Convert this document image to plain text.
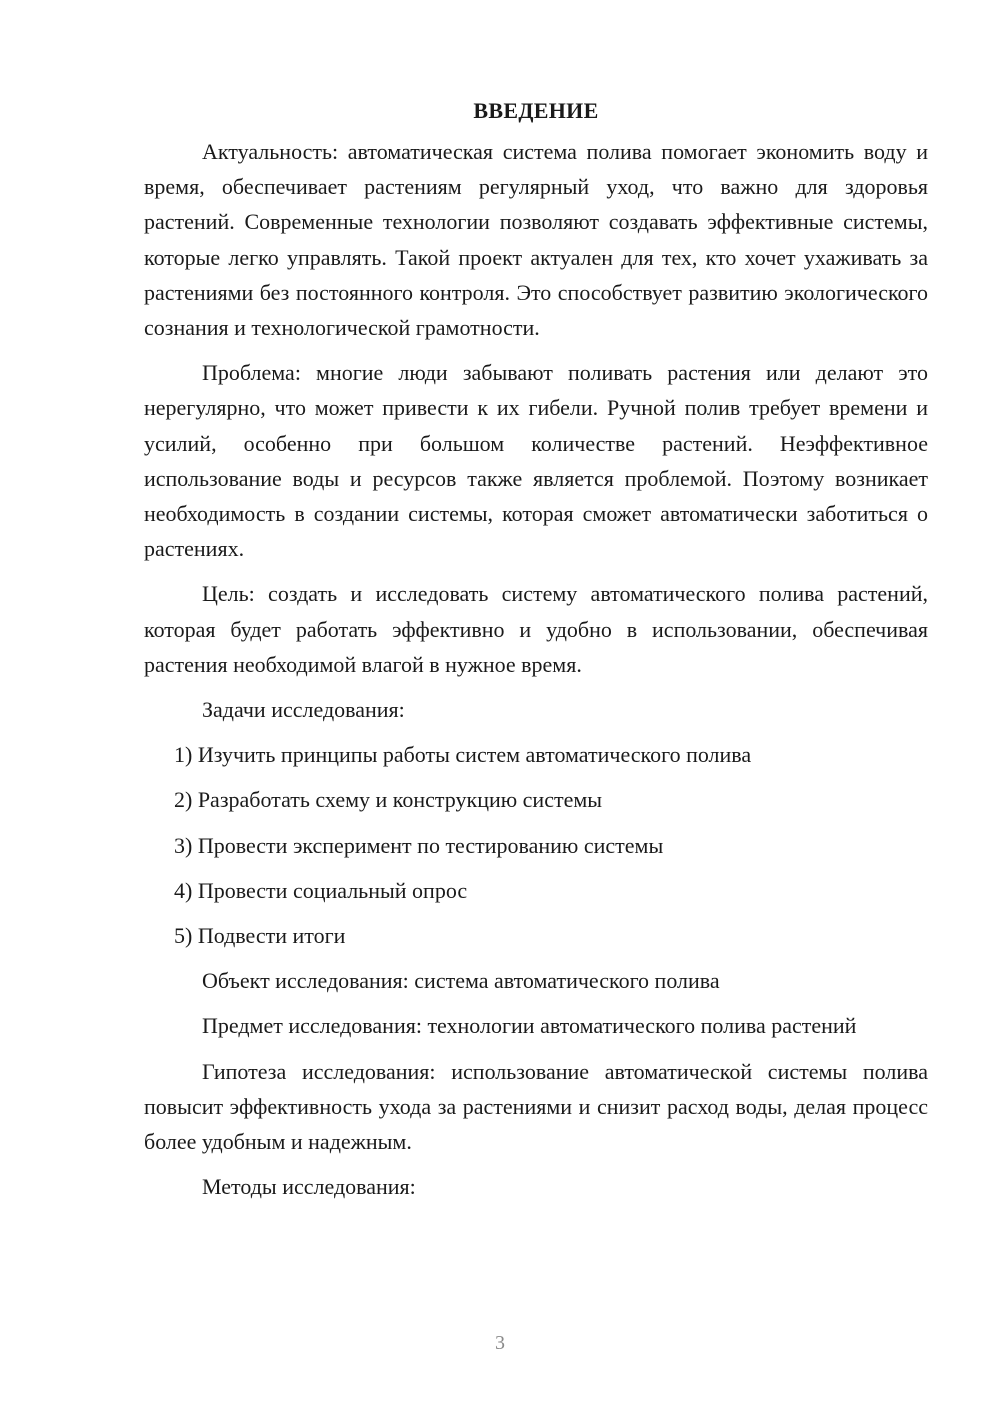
ВВЕДЕНИЕ

Актуальность: автоматическая система полива помогает экономить воду и время, обеспечивает растениям регулярный уход, что важно для здоровья растений. Современные технологии позволяют создавать эффективные системы, которые легко управлять. Такой проект актуален для тех, кто хочет ухаживать за растениями без постоянного контроля. Это способствует развитию экологического сознания и технологической грамотности.

Проблема: многие люди забывают поливать растения или делают это нерегулярно, что может привести к их гибели. Ручной полив требует времени и усилий, особенно при большом количестве растений. Неэффективное использование воды и ресурсов также является проблемой. Поэтому возникает необходимость в создании системы, которая сможет автоматически заботиться о растениях.

Цель: создать и исследовать систему автоматического полива растений, которая будет работать эффективно и удобно в использовании, обеспечивая растения необходимой влагой в нужное время.

Задачи исследования:

1) Изучить принципы работы систем автоматического полива

2) Разработать схему и конструкцию системы

3) Провести эксперимент по тестированию системы

4) Провести социальный опрос

5) Подвести итоги

Объект исследования: система автоматического полива

Предмет исследования: технологии автоматического полива растений

Гипотеза исследования: использование автоматической системы полива повысит эффективность ухода за растениями и снизит расход воды, делая процесс более удобным и надежным.

Методы исследования:

3
